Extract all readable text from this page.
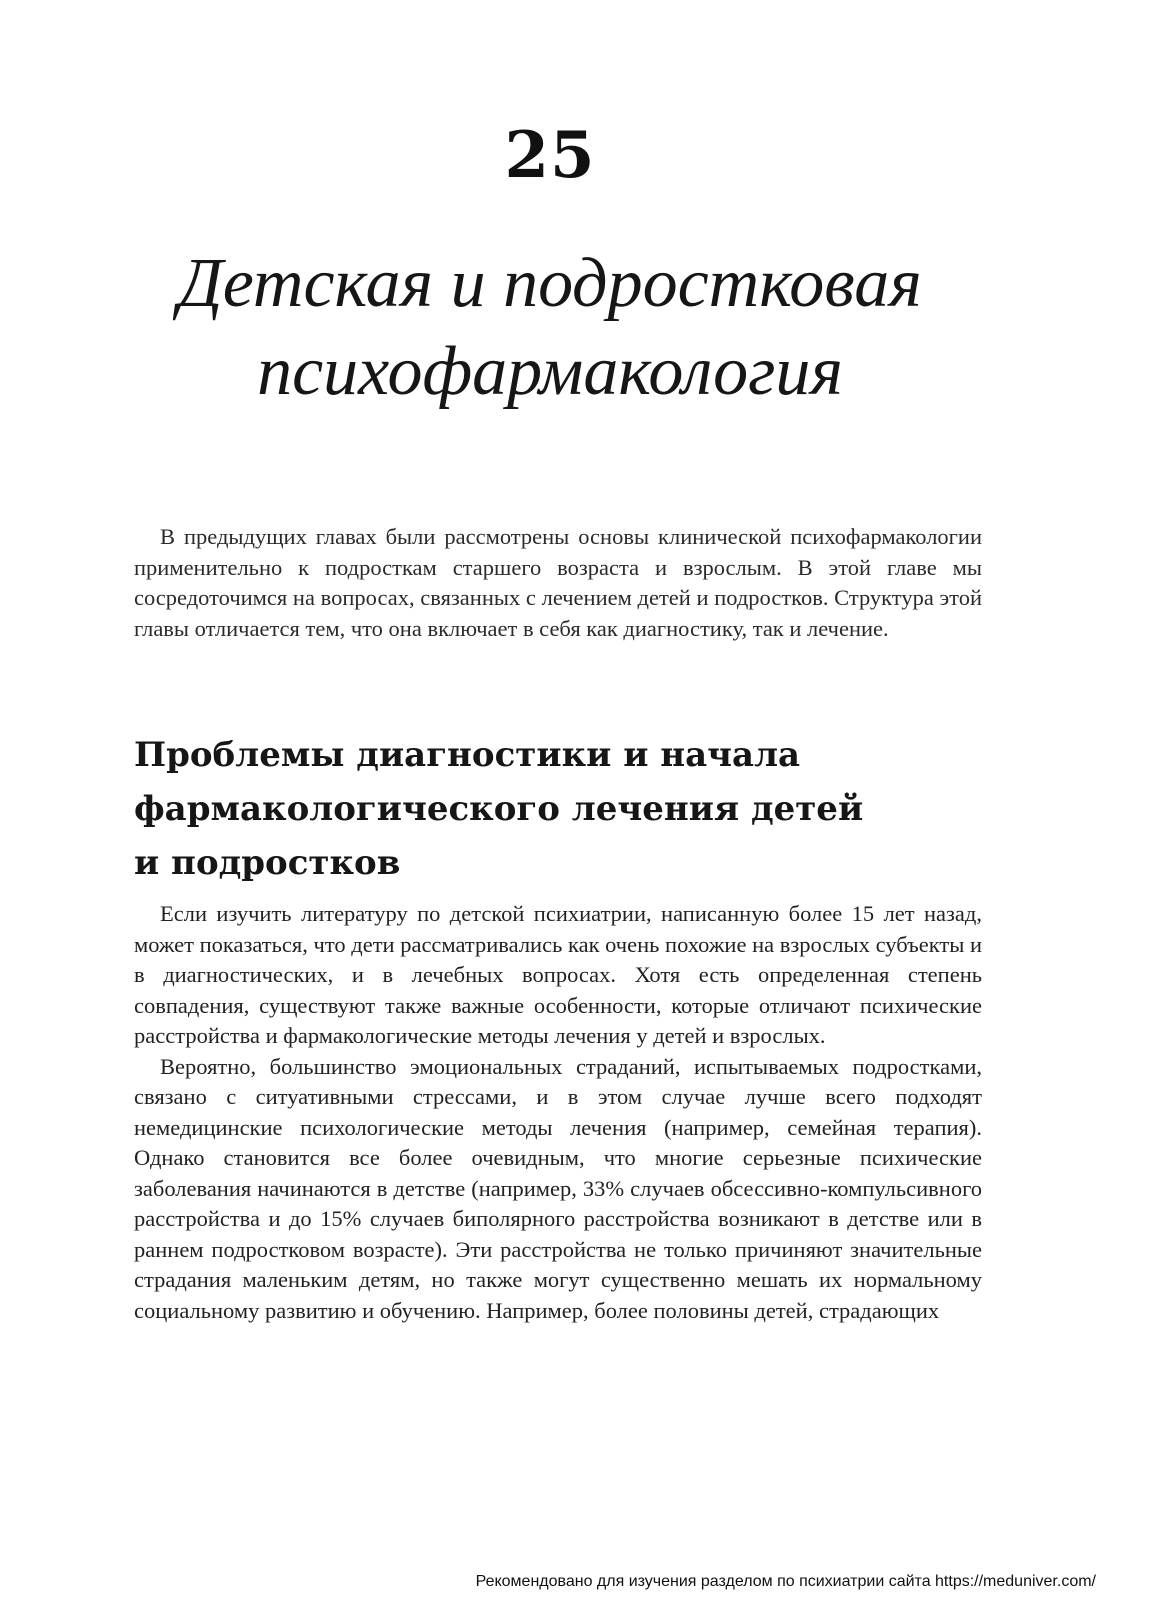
25
Детская и подростковая
психофармакология

В предыдущих главах были рассмотрены основы клинической психофармакологии применительно к подросткам старшего возраста и взрослым. В этой главе мы сосредоточимся на вопросах, связанных с лечением детей и подростков. Структура этой главы отличается тем, что она включает в себя как диагностику, так и лечение.

Проблемы диагностики и начала
фармакологического лечения детей
и подростков

Если изучить литературу по детской психиатрии, написанную более 15 лет назад, может показаться, что дети рассматривались как очень похожие на взрослых субъекты и в диагностических, и в лечебных вопросах. Хотя есть определенная степень совпадения, существуют также важные особенности, которые отличают психические расстройства и фармакологические методы лечения у детей и взрослых.

Вероятно, большинство эмоциональных страданий, испытываемых подростками, связано с ситуативными стрессами, и в этом случае лучше всего подходят немедицинские психологические методы лечения (например, семейная терапия). Однако становится все более очевидным, что многие серьезные психические заболевания начинаются в детстве (например, 33% случаев обсессивно-компульсивного расстройства и до 15% случаев биполярного расстройства возникают в детстве или в раннем подростковом возрасте). Эти расстройства не только причиняют значительные страдания маленьким детям, но также могут существенно мешать их нормальному социальному развитию и обучению. Например, более половины детей, страдающих

Рекомендовано для изучения разделом по психиатрии сайта https://meduniver.com/
